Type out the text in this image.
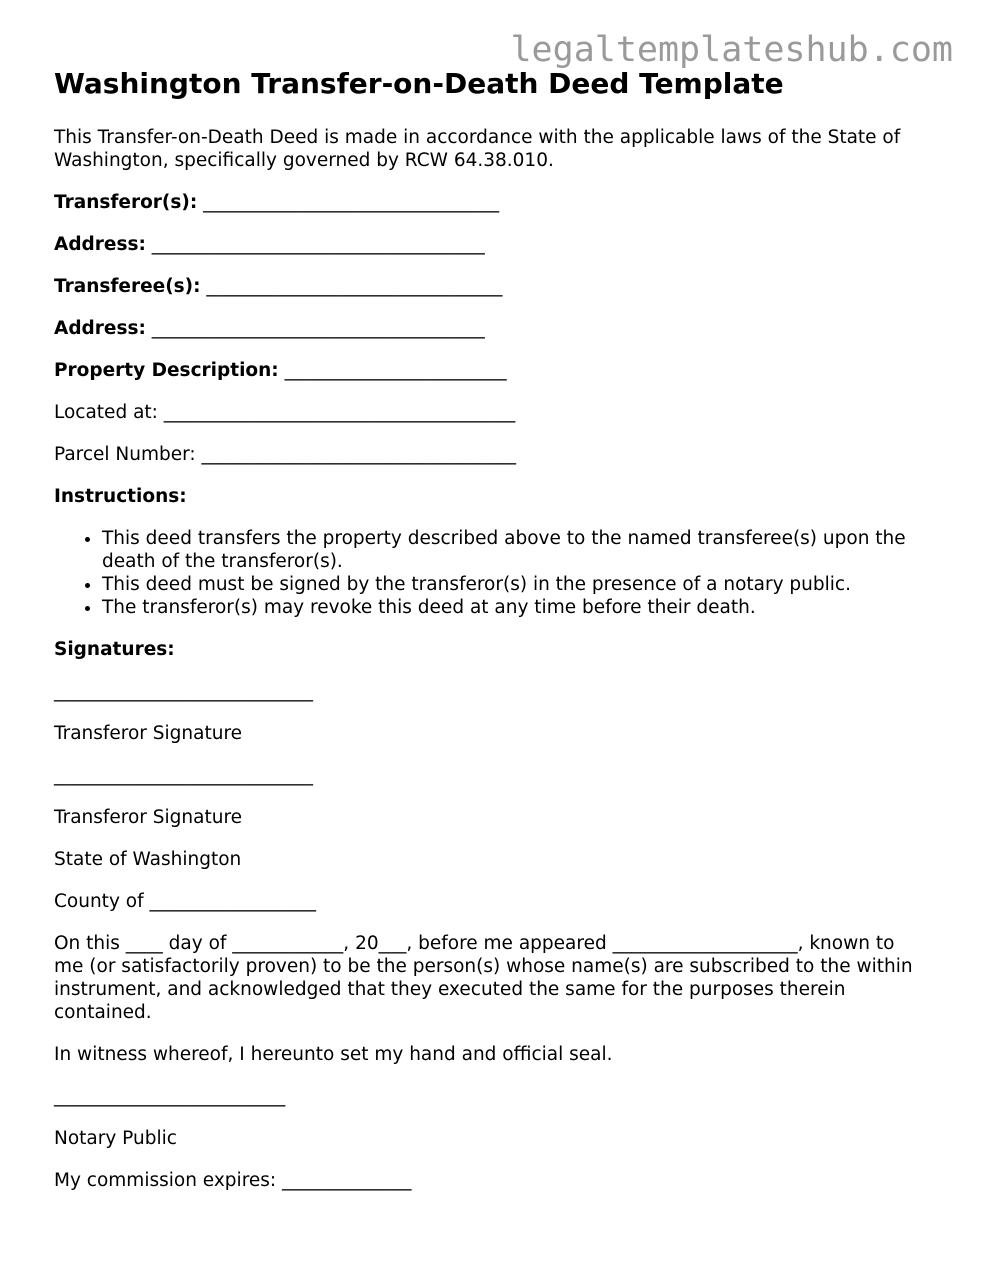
legaltemplateshub.com
Washington Transfer-on-Death Deed Template

This Transfer-on-Death Deed is made in accordance with the applicable laws of the State of Washington, specifically governed by RCW 64.38.010.

Transferor(s): ________________________________

Address: ____________________________________

Transferee(s): ________________________________

Address: ____________________________________

Property Description: ________________________

Located at: ______________________________________

Parcel Number: __________________________________

Instructions:

• This deed transfers the property described above to the named transferee(s) upon the death of the transferor(s).
• This deed must be signed by the transferor(s) in the presence of a notary public.
• The transferor(s) may revoke this deed at any time before their death.

Signatures:

____________________________

Transferor Signature

____________________________

Transferor Signature

State of Washington

County of __________________

On this ____ day of ____________, 20___, before me appeared ____________________, known to me (or satisfactorily proven) to be the person(s) whose name(s) are subscribed to the within instrument, and acknowledged that they executed the same for the purposes therein contained.

In witness whereof, I hereunto set my hand and official seal.

_________________________

Notary Public

My commission expires: ______________
